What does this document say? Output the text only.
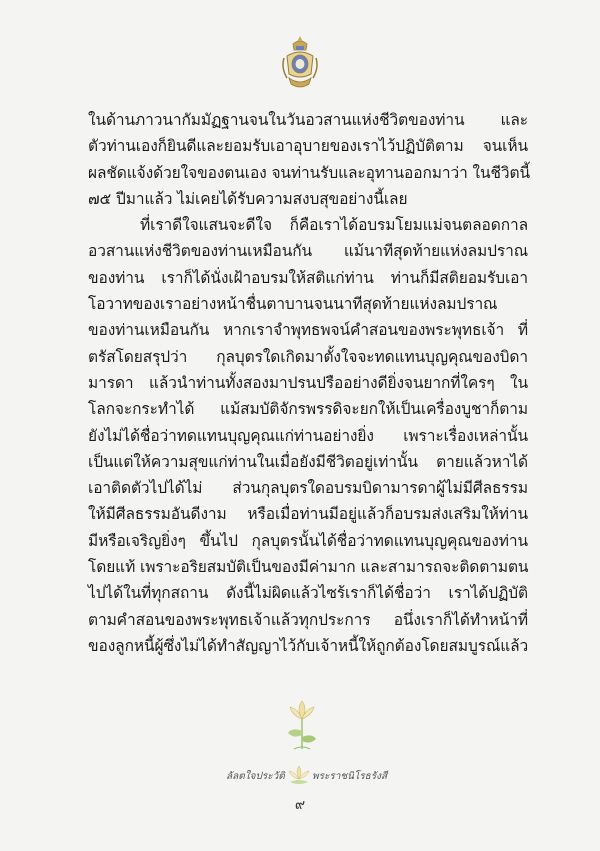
ในด้านภาวนากัมมัฏฐานจนในวันอวสานแห่งชีวิตของท่าน และ
ตัวท่านเองก็ยินดีและยอมรับเอาอุบายของเราไว้ปฏิบัติตาม จนเห็น
ผลชัดแจ้งด้วยใจของตนเอง จนท่านรับและอุทานออกมาว่า ในชีวิตนี้
๗๕ ปีมาแล้ว ไม่เคยได้รับความสงบสุขอย่างนี้เลย
ที่เราดีใจแสนจะดีใจ ก็คือเราได้อบรมโยมแม่จนตลอดกาล
อวสานแห่งชีวิตของท่านเหมือนกัน แม้นาทีสุดท้ายแห่งลมปราณ
ของท่าน เราก็ได้นั่งเฝ้าอบรมให้สติแก่ท่าน ท่านก็มีสติยอมรับเอา
โอวาทของเราอย่างหน้าชื่นตาบานจนนาทีสุดท้ายแห่งลมปราณ
ของท่านเหมือนกัน หากเราจำพุทธพจน์คำสอนของพระพุทธเจ้า ที่
ตรัสโดยสรุปว่า กุลบุตรใดเกิดมาตั้งใจจะทดแทนบุญคุณของบิดา
มารดา แล้วนำท่านทั้งสองมาปรนปรืออย่างดียิ่งจนยากที่ใครๆ ใน
โลกจะกระทำได้ แม้สมบัติจักรพรรดิจะยกให้เป็นเครื่องบูชาก็ตาม
ยังไม่ได้ชื่อว่าทดแทนบุญคุณแก่ท่านอย่างยิ่ง เพราะเรื่องเหล่านั้น
เป็นแต่ให้ความสุขแก่ท่านในเมื่อยังมีชีวิตอยู่เท่านั้น ตายแล้วหาได้
เอาติดตัวไปได้ไม่ ส่วนกุลบุตรใดอบรมบิดามารดาผู้ไม่มีศีลธรรม
ให้มีศีลธรรมอันดีงาม หรือเมื่อท่านมีอยู่แล้วก็อบรมส่งเสริมให้ท่าน
มีหรือเจริญยิ่งๆ ขึ้นไป กุลบุตรนั้นได้ชื่อว่าทดแทนบุญคุณของท่าน
โดยแท้ เพราะอริยสมบัติเป็นของมีค่ามาก และสามารถจะติดตามตน
ไปได้ในที่ทุกสถาน ดังนี้ไม่ผิดแล้วไซร้เราก็ได้ชื่อว่า เราได้ปฏิบัติ
ตามคำสอนของพระพุทธเจ้าแล้วทุกประการ อนึ่งเราก็ได้ทำหน้าที่
ของลูกหนี้ผู้ซึ่งไม่ได้ทำสัญญาไว้กับเจ้าหนี้ให้ถูกต้องโดยสมบูรณ์แล้ว
ลัลตใจประวัติ	พระราชนิโรธรังสี
๙
